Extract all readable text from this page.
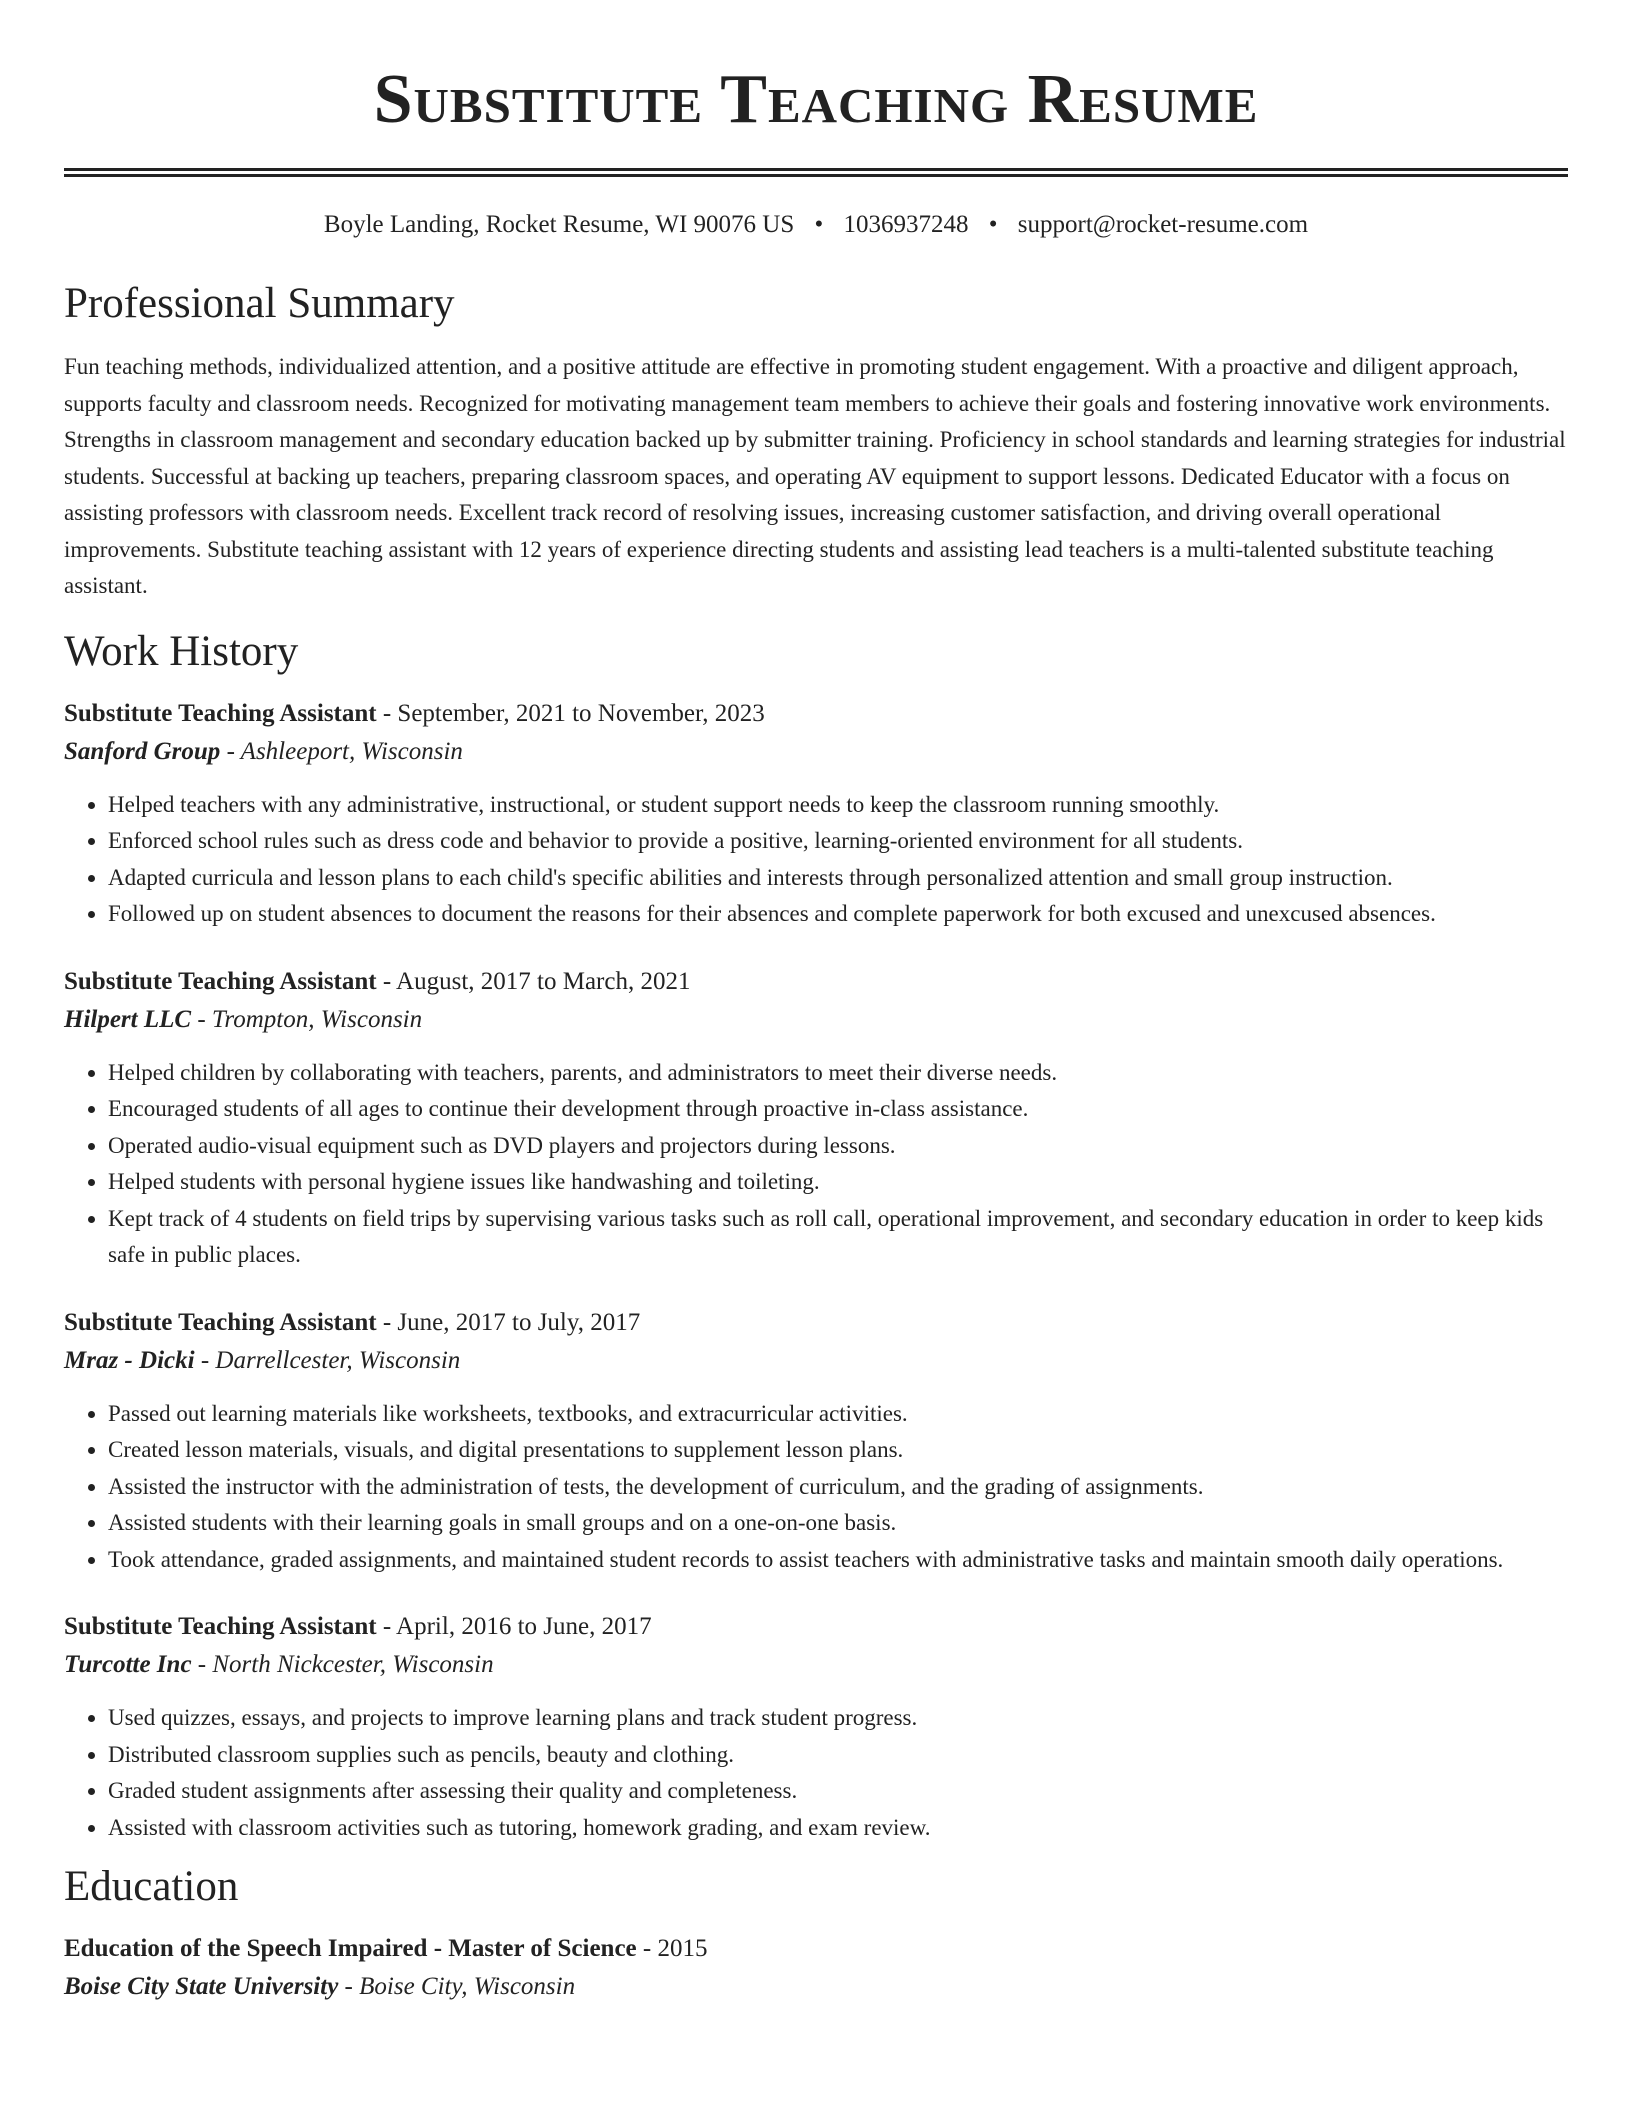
Substitute Teaching Resume
Boyle Landing, Rocket Resume, WI 90076 US • 1036937248 • support@rocket-resume.com
Professional Summary

Fun teaching methods, individualized attention, and a positive attitude are effective in promoting student engagement. With a proactive and diligent approach, supports faculty and classroom needs. Recognized for motivating management team members to achieve their goals and fostering innovative work environments. Strengths in classroom management and secondary education backed up by submitter training. Proficiency in school standards and learning strategies for industrial students. Successful at backing up teachers, preparing classroom spaces, and operating AV equipment to support lessons. Dedicated Educator with a focus on assisting professors with classroom needs. Excellent track record of resolving issues, increasing customer satisfaction, and driving overall operational improvements. Substitute teaching assistant with 12 years of experience directing students and assisting lead teachers is a multi-talented substitute teaching assistant.

Work History
Substitute Teaching Assistant - September, 2021 to November, 2023
Sanford Group - Ashleeport, Wisconsin
• Helped teachers with any administrative, instructional, or student support needs to keep the classroom running smoothly.
• Enforced school rules such as dress code and behavior to provide a positive, learning-oriented environment for all students.
• Adapted curricula and lesson plans to each child's specific abilities and interests through personalized attention and small group instruction.
• Followed up on student absences to document the reasons for their absences and complete paperwork for both excused and unexcused absences.
Substitute Teaching Assistant - August, 2017 to March, 2021
Hilpert LLC - Trompton, Wisconsin
• Helped children by collaborating with teachers, parents, and administrators to meet their diverse needs.
• Encouraged students of all ages to continue their development through proactive in-class assistance.
• Operated audio-visual equipment such as DVD players and projectors during lessons.
• Helped students with personal hygiene issues like handwashing and toileting.
• Kept track of 4 students on field trips by supervising various tasks such as roll call, operational improvement, and secondary education in order to keep kids safe in public places.
Substitute Teaching Assistant - June, 2017 to July, 2017
Mraz - Dicki - Darrellcester, Wisconsin
• Passed out learning materials like worksheets, textbooks, and extracurricular activities.
• Created lesson materials, visuals, and digital presentations to supplement lesson plans.
• Assisted the instructor with the administration of tests, the development of curriculum, and the grading of assignments.
• Assisted students with their learning goals in small groups and on a one-on-one basis.
• Took attendance, graded assignments, and maintained student records to assist teachers with administrative tasks and maintain smooth daily operations.
Substitute Teaching Assistant - April, 2016 to June, 2017
Turcotte Inc - North Nickcester, Wisconsin
• Used quizzes, essays, and projects to improve learning plans and track student progress.
• Distributed classroom supplies such as pencils, beauty and clothing.
• Graded student assignments after assessing their quality and completeness.
• Assisted with classroom activities such as tutoring, homework grading, and exam review.
Education
Education of the Speech Impaired - Master of Science - 2015
Boise City State University - Boise City, Wisconsin
